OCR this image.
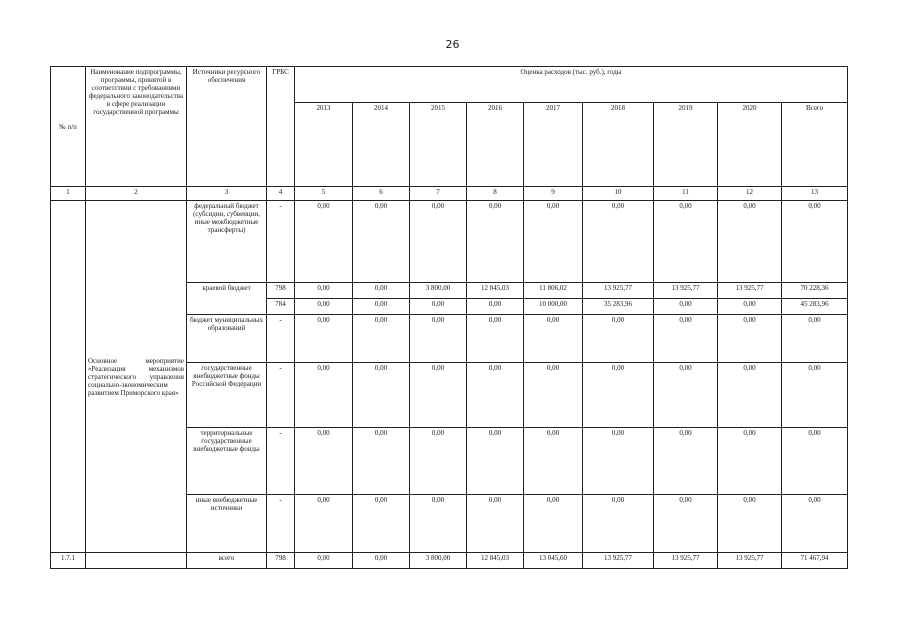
26
№ п/п	Наименование подпрограммы, программы, принятой в соответствии с требованиями федерального законодательства в сфере реализации государственной программы	Источники ресурсного обеспечения	ГРБС	Оценка расходов (тыс. руб.), годы								
				2013	2014	2015	2016	2017	2018	2019	2020	Всего
1	2	3	4	5	6	7	8	9	10	11	12	13
	Основное мероприятие «Реализация механизмов стратегического управления социально-экономическим развитием Приморского края»	федеральный бюджет (субсидии, субвенции, иные межбюджетные трансферты)	-	0,00	0,00	0,00	0,00	0,00	0,00	0,00	0,00	0,00
		краевой бюджет	798	0,00	0,00	3 800,00	12 845,03	11 806,02	13 925,77	13 925,77	13 925,77	70 228,36
			784	0,00	0,00	0,00	0,00	10 000,00	35 283,96	0,00	0,00	45 283,96
		бюджет муниципальных образований	-	0,00	0,00	0,00	0,00	0,00	0,00	0,00	0,00	0,00
		государственные внебюджетные фонды Российской Федерации	-	0,00	0,00	0,00	0,00	0,00	0,00	0,00	0,00	0,00
		территориальные государственные внебюджетные фонды	-	0,00	0,00	0,00	0,00	0,00	0,00	0,00	0,00	0,00
		иные внебюджетные источники	-	0,00	0,00	0,00	0,00	0,00	0,00	0,00	0,00	0,00
1.7.1		всего	798	0,00	0,00	3 800,00	12 845,03	13 045,60	13 925,77	13 925,77	13 925,77	71 467,94
